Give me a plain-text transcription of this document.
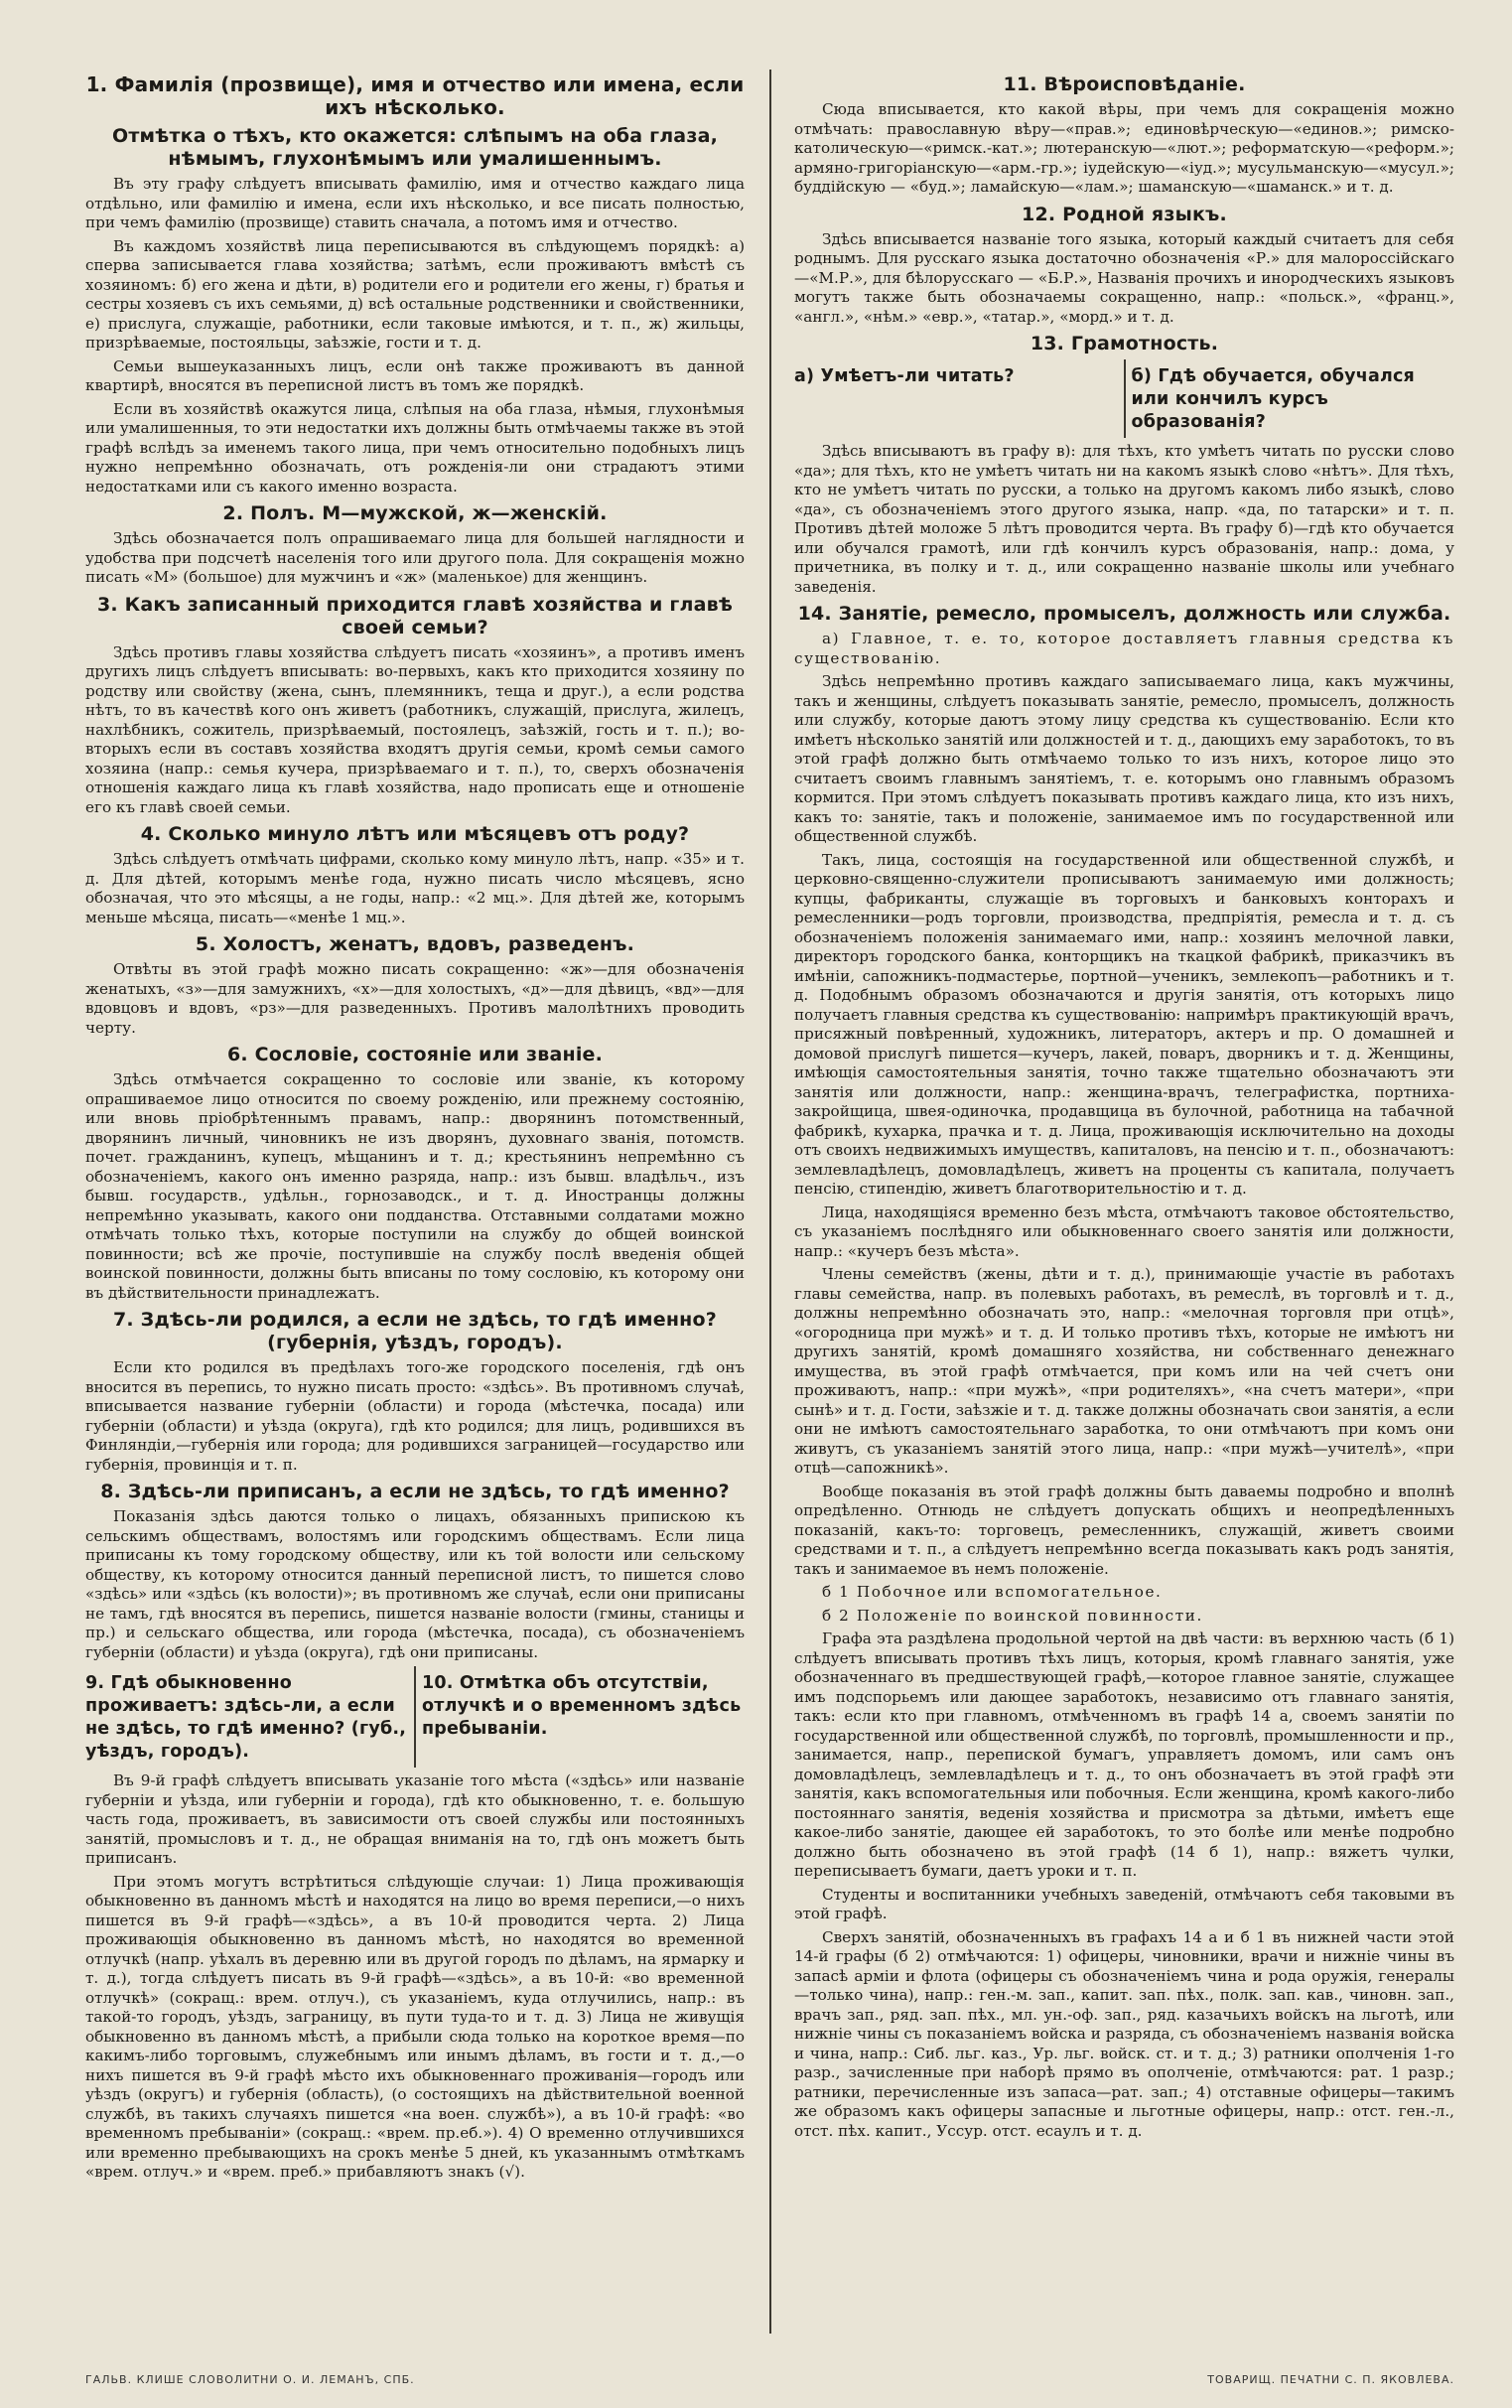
1. Фамилія (прозвище), имя и отчество или имена, если ихъ нѣсколько.
Отмѣтка о тѣхъ, кто окажется: слѣпымъ на оба глаза, нѣмымъ, глухонѣмымъ или умалишеннымъ.

Въ эту графу слѣдуетъ вписывать фамилію, имя и отчество каждаго лица отдѣльно, или фамилію и имена, если ихъ нѣсколько, и все писать полностью, при чемъ фамилію (прозвище) ставить сначала, а потомъ имя и отчество.

Въ каждомъ хозяйствѣ лица переписываются въ слѣдующемъ порядкѣ: а) сперва записывается глава хозяйства; затѣмъ, если проживаютъ вмѣстѣ съ хозяиномъ: б) его жена и дѣти, в) родители его и родители его жены, г) братья и сестры хозяевъ съ ихъ семьями, д) всѣ остальные родственники и свойственники, е) прислуга, служащіе, работники, если таковые имѣются, и т. п., ж) жильцы, призрѣваемые, постояльцы, заѣзжіе, гости и т. д.

Семьи вышеуказанныхъ лицъ, если онѣ также проживаютъ въ данной квартирѣ, вносятся въ переписной листъ въ томъ же порядкѣ.

Если въ хозяйствѣ окажутся лица, слѣпыя на оба глаза, нѣмыя, глухонѣмыя или умалишенныя, то эти недостатки ихъ должны быть отмѣчаемы также въ этой графѣ вслѣдъ за именемъ такого лица, при чемъ относительно подобныхъ лицъ нужно непремѣнно обозначать, отъ рожденія-ли они страдаютъ этими недостатками или съ какого именно возраста.

2. Полъ. М—мужской, ж—женскій.

Здѣсь обозначается полъ опрашиваемаго лица для большей наглядности и удобства при подсчетѣ населенія того или другого пола. Для сокращенія можно писать «М» (большое) для мужчинъ и «ж» (маленькое) для женщинъ.

3. Какъ записанный приходится главѣ хозяйства и главѣ своей семьи?

Здѣсь противъ главы хозяйства слѣдуетъ писать «хозяинъ», а противъ именъ другихъ лицъ слѣдуетъ вписывать: во-первыхъ, какъ кто приходится хозяину по родству или свойству (жена, сынъ, племянникъ, теща и друг.), а если родства нѣтъ, то въ качествѣ кого онъ живетъ (работникъ, служащій, прислуга, жилецъ, нахлѣбникъ, сожитель, призрѣваемый, постоялецъ, заѣзжій, гость и т. п.); во-вторыхъ если въ составъ хозяйства входятъ другія семьи, кромѣ семьи самого хозяина (напр.: семья кучера, призрѣваемаго и т. п.), то, сверхъ обозначенія отношенія каждаго лица къ главѣ хозяйства, надо прописать еще и отношеніе его къ главѣ своей семьи.

4. Сколько минуло лѣтъ или мѣсяцевъ отъ роду?

Здѣсь слѣдуетъ отмѣчать цифрами, сколько кому минуло лѣтъ, напр. «35» и т. д. Для дѣтей, которымъ менѣе года, нужно писать число мѣсяцевъ, ясно обозначая, что это мѣсяцы, а не годы, напр.: «2 мц.». Для дѣтей же, которымъ меньше мѣсяца, писать—«менѣе 1 мц.».

5. Холостъ, женатъ, вдовъ, разведенъ.

Отвѣты въ этой графѣ можно писать сокращенно: «ж»—для обозначенія женатыхъ, «з»—для замужнихъ, «х»—для холостыхъ, «д»—для дѣвицъ, «вд»—для вдовцовъ и вдовъ, «рз»—для разведенныхъ. Противъ малолѣтнихъ проводить черту.

6. Сословіе, состояніе или званіе.

Здѣсь отмѣчается сокращенно то сословіе или званіе, къ которому опрашиваемое лицо относится по своему рожденію, или прежнему состоянію, или вновь пріобрѣтеннымъ правамъ, напр.: дворянинъ потомственный, дворянинъ личный, чиновникъ не изъ дворянъ, духовнаго званія, потомств. почет. гражданинъ, купецъ, мѣщанинъ и т. д.; крестьянинъ непремѣнно съ обозначеніемъ, какого онъ именно разряда, напр.: изъ бывш. владѣльч., изъ бывш. государств., удѣльн., горнозаводск., и т. д. Иностранцы должны непремѣнно указывать, какого они подданства. Отставными солдатами можно отмѣчать только тѣхъ, которые поступили на службу до общей воинской повинности; всѣ же прочіе, поступившіе на службу послѣ введенія общей воинской повинности, должны быть вписаны по тому сословію, къ которому они въ дѣйствительности принадлежатъ.

7. Здѣсь-ли родился, а если не здѣсь, то гдѣ именно? (губернія, уѣздъ, городъ).

Если кто родился въ предѣлахъ того-же городского поселенія, гдѣ онъ вносится въ перепись, то нужно писать просто: «здѣсь». Въ противномъ случаѣ, вписывается название губерніи (области) и города (мѣстечка, посада) или губерніи (области) и уѣзда (округа), гдѣ кто родился; для лицъ, родившихся въ Финляндіи,—губернія или города; для родившихся заграницей—государство или губернія, провинція и т. п.

8. Здѣсь-ли приписанъ, а если не здѣсь, то гдѣ именно?

Показанія здѣсь даются только о лицахъ, обязанныхъ припискою къ сельскимъ обществамъ, волостямъ или городскимъ обществамъ. Если лица приписаны къ тому городскому обществу, или къ той волости или сельскому обществу, къ которому относится данный переписной листъ, то пишется слово «здѣсь» или «здѣсь (къ волости)»; въ противномъ же случаѣ, если они приписаны не тамъ, гдѣ вносятся въ перепись, пишется названіе волости (гмины, станицы и пр.) и сельскаго общества, или города (мѣстечка, посада), съ обозначеніемъ губерніи (области) и уѣзда (округа), гдѣ они приписаны.

9. Гдѣ обыкновенно проживаетъ: здѣсь-ли, а если не здѣсь, то гдѣ именно? (губ., уѣздъ, городъ).
10. Отмѣтка объ отсутствіи, отлучкѣ и о временномъ здѣсь пребываніи.

Въ 9-й графѣ слѣдуетъ вписывать указаніе того мѣста («здѣсь» или названіе губерніи и уѣзда, или губерніи и города), гдѣ кто обыкновенно, т. е. большую часть года, проживаетъ, въ зависимости отъ своей службы или постоянныхъ занятій, промысловъ и т. д., не обращая вниманія на то, гдѣ онъ можетъ быть приписанъ.

При этомъ могутъ встрѣтиться слѣдующіе случаи: 1) Лица проживающія обыкновенно въ данномъ мѣстѣ и находятся на лицо во время переписи,—о нихъ пишется въ 9-й графѣ—«здѣсь», а въ 10-й проводится черта. 2) Лица проживающія обыкновенно въ данномъ мѣстѣ, но находятся во временной отлучкѣ (напр. уѣхалъ въ деревню или въ другой городъ по дѣламъ, на ярмарку и т. д.), тогда слѣдуетъ писать въ 9-й графѣ—«здѣсь», а въ 10-й: «во временной отлучкѣ» (сокращ.: врем. отлуч.), съ указаніемъ, куда отлучились, напр.: въ такой-то городъ, уѣздъ, заграницу, въ пути туда-то и т. д. 3) Лица не живущія обыкновенно въ данномъ мѣстѣ, а прибыли сюда только на короткое время—по какимъ-либо торговымъ, служебнымъ или инымъ дѣламъ, въ гости и т. д.,—о нихъ пишется въ 9-й графѣ мѣсто ихъ обыкновеннаго проживанія—городъ или уѣздъ (округъ) и губернія (область), (о состоящихъ на дѣйствительной военной службѣ, въ такихъ случаяхъ пишется «на воен. службѣ»), а въ 10-й графѣ: «во временномъ пребываніи» (сокращ.: «врем. пр.еб.»). 4) О временно отлучившихся или временно пребывающихъ на срокъ менѣе 5 дней, къ указаннымъ отмѣткамъ «врем. отлуч.» и «врем. преб.» прибавляютъ знакъ (√).

11. Вѣроисповѣданіе.

Сюда вписывается, кто какой вѣры, при чемъ для сокращенія можно отмѣчать: православную вѣру—«прав.»; единовѣрческую—«единов.»; римско-католическую—«римск.-кат.»; лютеранскую—«лют.»; реформатскую—«реформ.»; армяно-григоріанскую—«арм.-гр.»; іудейскую—«іуд.»; мусульманскую—«мусул.»; буддійскую — «буд.»; ламайскую—«лам.»; шаманскую—«шаманск.» и т. д.

12. Родной языкъ.

Здѣсь вписывается названіе того языка, который каждый считаетъ для себя роднымъ. Для русскаго языка достаточно обозначенія «Р.» для малороссійскаго—«М.Р.», для бѣлорусскаго — «Б.Р.», Названія прочихъ и инородческихъ языковъ могутъ также быть обозначаемы сокращенно, напр.: «польск.», «франц.», «англ.», «нѣм.» «евр.», «татар.», «морд.» и т. д.

13. Грамотность.
а) Умѣетъ-ли читать?	б) Гдѣ обучается, обучался или кончилъ курсъ образованія?

Здѣсь вписываютъ въ графу в): для тѣхъ, кто умѣетъ читать по русски слово «да»; для тѣхъ, кто не умѣетъ читать ни на какомъ языкѣ слово «нѣтъ». Для тѣхъ, кто не умѣетъ читать по русски, а только на другомъ какомъ либо языкѣ, слово «да», съ обозначеніемъ этого другого языка, напр. «да, по татарски» и т. п. Противъ дѣтей моложе 5 лѣтъ проводится черта. Въ графу б)—гдѣ кто обучается или обучался грамотѣ, или гдѣ кончилъ курсъ образованія, напр.: дома, у причетника, въ полку и т. д., или сокращенно названіе школы или учебнаго заведенія.

14. Занятіе, ремесло, промыселъ, должность или служба.

а) Главное, т. е. то, которое доставляетъ главныя средства къ существованію.

Здѣсь непремѣнно противъ каждаго записываемаго лица, какъ мужчины, такъ и женщины, слѣдуетъ показывать занятіе, ремесло, промыселъ, должность или службу, которые даютъ этому лицу средства къ существованію. Если кто имѣетъ нѣсколько занятій или должностей и т. д., дающихъ ему заработокъ, то въ этой графѣ должно быть отмѣчаемо только то изъ нихъ, которое лицо это считаетъ своимъ главнымъ занятіемъ, т. е. которымъ оно главнымъ образомъ кормится. При этомъ слѣдуетъ показывать противъ каждаго лица, кто изъ нихъ, какъ то: занятіе, такъ и положеніе, занимаемое имъ по государственной или общественной службѣ.

Такъ, лица, состоящія на государственной или общественной службѣ, и церковно-священно-служители прописываютъ занимаемую ими должность; купцы, фабриканты, служащіе въ торговыхъ и банковыхъ конторахъ и ремесленники—родъ торговли, производства, предпріятія, ремесла и т. д. съ обозначеніемъ положенія занимаемаго ими, напр.: хозяинъ мелочной лавки, директоръ городского банка, конторщикъ на ткацкой фабрикѣ, приказчикъ въ имѣніи, сапожникъ-подмастерье, портной—ученикъ, землекопъ—работникъ и т. д. Подобнымъ образомъ обозначаются и другія занятія, отъ которыхъ лицо получаетъ главныя средства къ существованію: напримѣръ практикующій врачъ, присяжный повѣренный, художникъ, литераторъ, актеръ и пр. О домашней и домовой прислугѣ пишется—кучеръ, лакей, поваръ, дворникъ и т. д. Женщины, имѣющія самостоятельныя занятія, точно также тщательно обозначаютъ эти занятія или должности, напр.: женщина-врачъ, телеграфистка, портниха-закройщица, швея-одиночка, продавщица въ булочной, работница на табачной фабрикѣ, кухарка, прачка и т. д. Лица, проживающія исключительно на доходы отъ своихъ недвижимыхъ имуществъ, капиталовъ, на пенсію и т. п., обозначаютъ: землевладѣлецъ, домовладѣлецъ, живетъ на проценты съ капитала, получаетъ пенсію, стипендію, живетъ благотворительностію и т. д.

Лица, находящіяся временно безъ мѣста, отмѣчаютъ таковое обстоятельство, съ указаніемъ послѣдняго или обыкновеннаго своего занятія или должности, напр.: «кучеръ безъ мѣста».

Члены семействъ (жены, дѣти и т. д.), принимающіе участіе въ работахъ главы семейства, напр. въ полевыхъ работахъ, въ ремеслѣ, въ торговлѣ и т. д., должны непремѣнно обозначать это, напр.: «мелочная торговля при отцѣ», «огородница при мужѣ» и т. д. И только противъ тѣхъ, которые не имѣютъ ни другихъ занятій, кромѣ домашняго хозяйства, ни собственнаго денежнаго имущества, въ этой графѣ отмѣчается, при комъ или на чей счетъ они проживаютъ, напр.: «при мужѣ», «при родителяхъ», «на счетъ матери», «при сынѣ» и т. д. Гости, заѣзжіе и т. д. также должны обозначать свои занятія, а если они не имѣютъ самостоятельнаго заработка, то они отмѣчаютъ при комъ они живутъ, съ указаніемъ занятій этого лица, напр.: «при мужѣ—учителѣ», «при отцѣ—сапожникѣ».

Вообще показанія въ этой графѣ должны быть даваемы подробно и вполнѣ опредѣленно. Отнюдь не слѣдуетъ допускать общихъ и неопредѣленныхъ показаній, какъ-то: торговецъ, ремесленникъ, служащій, живетъ своими средствами и т. п., а слѣдуетъ непремѣнно всегда показывать какъ родъ занятія, такъ и занимаемое въ немъ положеніе.

б 1 Побочное или вспомогательное.

б 2 Положеніе по воинской повинности.

Графа эта раздѣлена продольной чертой на двѣ части: въ верхнюю часть (б 1) слѣдуетъ вписывать противъ тѣхъ лицъ, которыя, кромѣ главнаго занятія, уже обозначеннаго въ предшествующей графѣ,—которое главное занятіе, служащее имъ подспорьемъ или дающее заработокъ, независимо отъ главнаго занятія, такъ: если кто при главномъ, отмѣченномъ въ графѣ 14 а, своемъ занятіи по государственной или общественной службѣ, по торговлѣ, промышленности и пр., занимается, напр., перепиской бумагъ, управляетъ домомъ, или самъ онъ домовладѣлецъ, землевладѣлецъ и т. д., то онъ обозначаетъ въ этой графѣ эти занятія, какъ вспомогательныя или побочныя. Если женщина, кромѣ какого-либо постояннаго занятія, веденія хозяйства и присмотра за дѣтьми, имѣетъ еще какое-либо занятіе, дающее ей заработокъ, то это болѣе или менѣе подробно должно быть обозначено въ этой графѣ (14 б 1), напр.: вяжетъ чулки, переписываетъ бумаги, даетъ уроки и т. п.

Студенты и воспитанники учебныхъ заведеній, отмѣчаютъ себя таковыми въ этой графѣ.

Сверхъ занятій, обозначенныхъ въ графахъ 14 а и б 1 въ нижней части этой 14-й графы (б 2) отмѣчаются: 1) офицеры, чиновники, врачи и нижніе чины въ запасѣ арміи и флота (офицеры съ обозначеніемъ чина и рода оружія, генералы—только чина), напр.: ген.-м. зап., капит. зап. пѣх., полк. зап. кав., чиновн. зап., врачъ зап., ряд. зап. пѣх., мл. ун.-оф. зап., ряд. казачьихъ войскъ на льготѣ, или нижніе чины съ показаніемъ войска и разряда, съ обозначеніемъ названія войска и чина, напр.: Сиб. льг. каз., Ур. льг. войск. ст. и т. д.; 3) ратники ополченія 1-го разр., зачисленные при наборѣ прямо въ ополченіе, отмѣчаются: рат. 1 разр.; ратники, перечисленные изъ запаса—рат. зап.; 4) отставные офицеры—такимъ же образомъ какъ офицеры запасные и льготные офицеры, напр.: отст. ген.-л., отст. пѣх. капит., Уссур. отст. есаулъ и т. д.

ГАЛЬВ. КЛИШЕ СЛОВОЛИТНИ О. И. ЛЕМАНЪ, СПБ.	ТОВАРИЩ. ПЕЧАТНИ С. П. ЯКОВЛЕВА.
